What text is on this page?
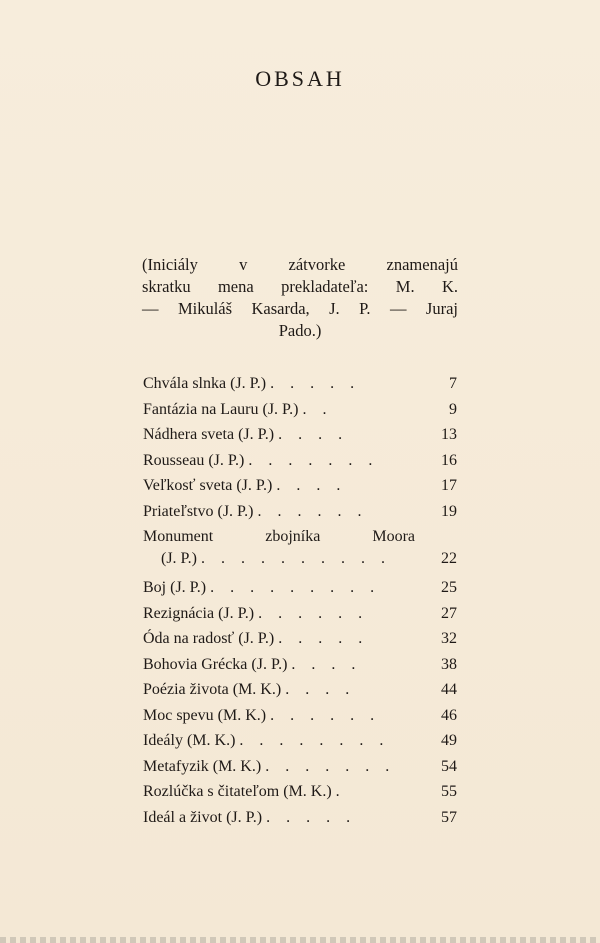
OBSAH
(Iniciály v zátvorke znamenajú
skratku mena prekladateľa: M. K.
— Mikuláš Kasarda, J. P. — Juraj
Pado.)
Chvála slnka (J. P.) . . . . .	7
Fantázia na Lauru (J. P.) . .	9
Nádhera sveta (J. P.) . . . .	13
Rousseau (J. P.) . . . . . . .	16
Veľkosť sveta (J. P.) . . . .	17
Priateľstvo (J. P.) . . . . . .	19
Monument zbojníka Moora
(J. P.) . . . . . . . . . .	22
Boj (J. P.) . . . . . . . . .	25
Rezignácia (J. P.) . . . . . .	27
Óda na radosť (J. P.) . . . . .	32
Bohovia Grécka (J. P.) . . . .	38
Poézia života (M. K.) . . . .	44
Moc spevu (M. K.) . . . . . .	46
Ideály (M. K.) . . . . . . . .	49
Metafyzik (M. K.) . . . . . . .	54
Rozlúčka s čitateľom (M. K.) .	55
Ideál a život (J. P.) . . . . .	57
